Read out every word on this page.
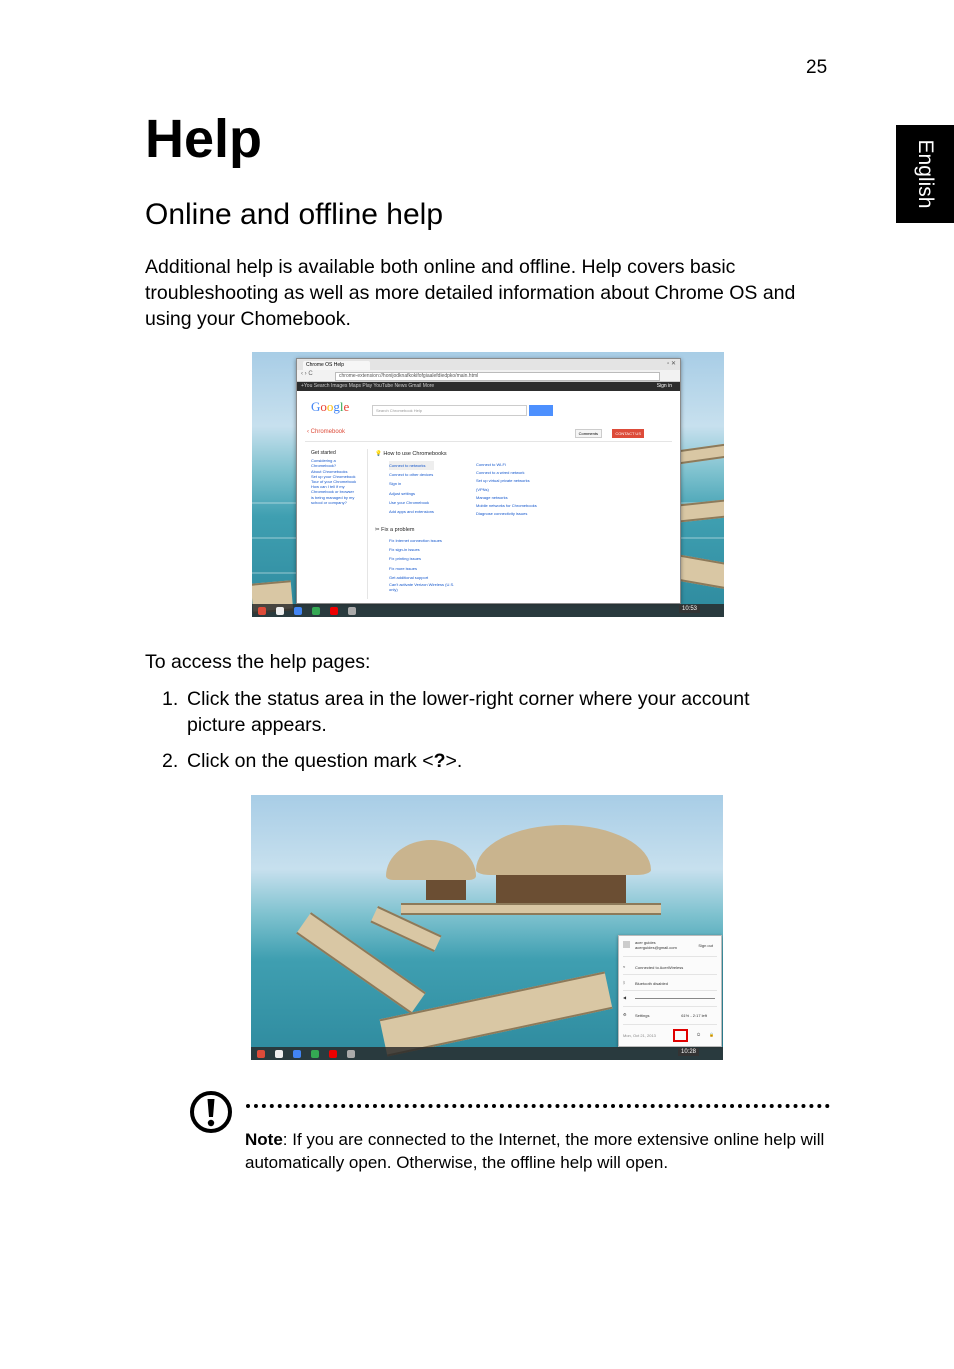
25
English
Help
Online and offline help

Additional help is available both online and offline. Help covers basic troubleshooting as well as more detailed information about Chrome OS and using your Chomebook.

Chrome OS Help	▫ ✕
‹ › C	chrome-extension://honijodknafkokifofgiaalefdiedpko/main.html
+You Search Images Maps Play YouTube News Gmail More	Sign in
Google	Search Chromebook Help
‹ Chromebook	Comments	CONTACT US
Get started
Considering a
Chromebook?
About Chromebooks
Set up your Chromebook
Tour of your Chromebook
How can I tell if my
Chromebook or browser
is being managed by my
school or company?
💡 How to use Chromebooks
Connect to networks
Connect to other devices
Sign in
Adjust settings
Use your Chromebook
Add apps and extensions
Connect to Wi-Fi
Connect to a wired network
Set up virtual private networks
(VPNs)
Manage networks
Mobile networks for Chromebooks
Diagnose connectivity issues
✂ Fix a problem
Fix Internet connection issues
Fix sign-in issues
Fix printing issues
Fix more issues
Get additional support
Can't activate Verizon Wireless (U.S.
only)
10:53

To access the help pages:

1. Click the status area in the lower-right corner where your account picture appears.
2. Click on the question mark <?>.
acer guides
acerguides@gmail.com	Sign out
≈ Connected to AcerWireless
ᛒ Bluetooth disabled
◀
⚙ Settings	61% - 2:17 left
Mon, Oct 21, 2013	⏻ 🔒
10:28

Note: If you are connected to the Internet, the more extensive online help will automatically open. Otherwise, the offline help will open.
